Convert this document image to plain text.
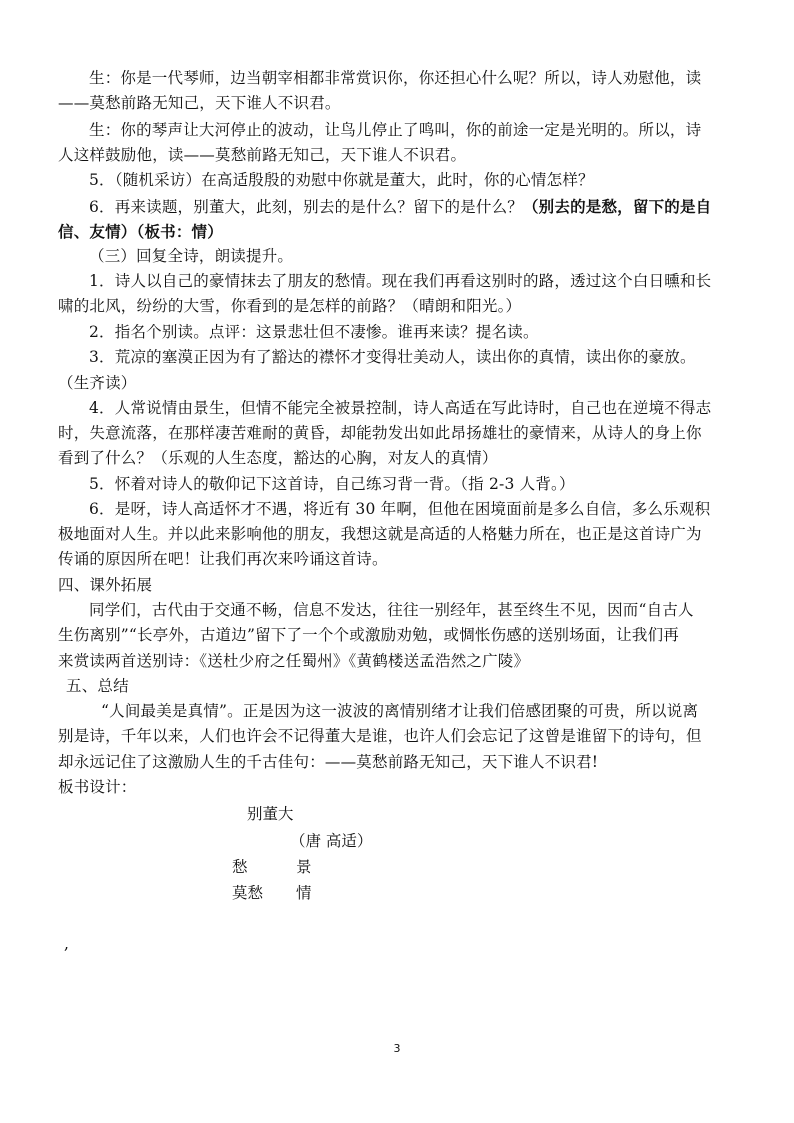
生：你是一代琴师，边当朝宰相都非常赏识你，你还担心什么呢？所以，诗人劝慰他，读
——莫愁前路无知己，天下谁人不识君。
生：你的琴声让大河停止的波动，让鸟儿停止了鸣叫，你的前途一定是光明的。所以，诗
人这样鼓励他，读——莫愁前路无知己，天下谁人不识君。
5．（随机采访）在高适殷殷的劝慰中你就是董大，此时，你的心情怎样？
6．再来读题，别董大，此刻，别去的是什么？留下的是什么？（别去的是愁，留下的是自
信、友情）（板书：情）
（三）回复全诗，朗读提升。
1．诗人以自己的豪情抹去了朋友的愁情。现在我们再看这别时的路，透过这个白日曛和长
啸的北风，纷纷的大雪，你看到的是怎样的前路？（晴朗和阳光。）
2．指名个别读。点评：这景悲壮但不凄惨。谁再来读？提名读。
3．荒凉的塞漠正因为有了豁达的襟怀才变得壮美动人，读出你的真情，读出你的豪放。
（生齐读）
4．人常说情由景生，但情不能完全被景控制，诗人高适在写此诗时，自己也在逆境不得志
时，失意流落，在那样凄苦难耐的黄昏，却能勃发出如此昂扬雄壮的豪情来，从诗人的身上你
看到了什么？（乐观的人生态度，豁达的心胸，对友人的真情）
5．怀着对诗人的敬仰记下这首诗，自己练习背一背。（指 2-3 人背。）
6．是呀，诗人高适怀才不遇，将近有 30 年啊，但他在困境面前是多么自信，多么乐观积
极地面对人生。并以此来影响他的朋友，我想这就是高适的人格魅力所在，也正是这首诗广为
传诵的原因所在吧！让我们再次来吟诵这首诗。
四、课外拓展
同学们，古代由于交通不畅，信息不发达，往往一别经年，甚至终生不见，因而“自古人
生伤离别”“长亭外，古道边”留下了一个个或激励劝勉，或惆怅伤感的送别场面，让我们再
来赏读两首送别诗：《送杜少府之任蜀州》《黄鹤楼送孟浩然之广陵》
五、总结
“人间最美是真情”。正是因为这一波波的离情别绪才让我们倍感团聚的可贵，所以说离
别是诗，千年以来，人们也许会不记得董大是谁，也许人们会忘记了这曾是谁留下的诗句，但
却永远记住了这激励人生的千古佳句：——莫愁前路无知己，天下谁人不识君!
板书设计：
别董大
（唐 高适）
愁	景
莫愁 情
,
3
